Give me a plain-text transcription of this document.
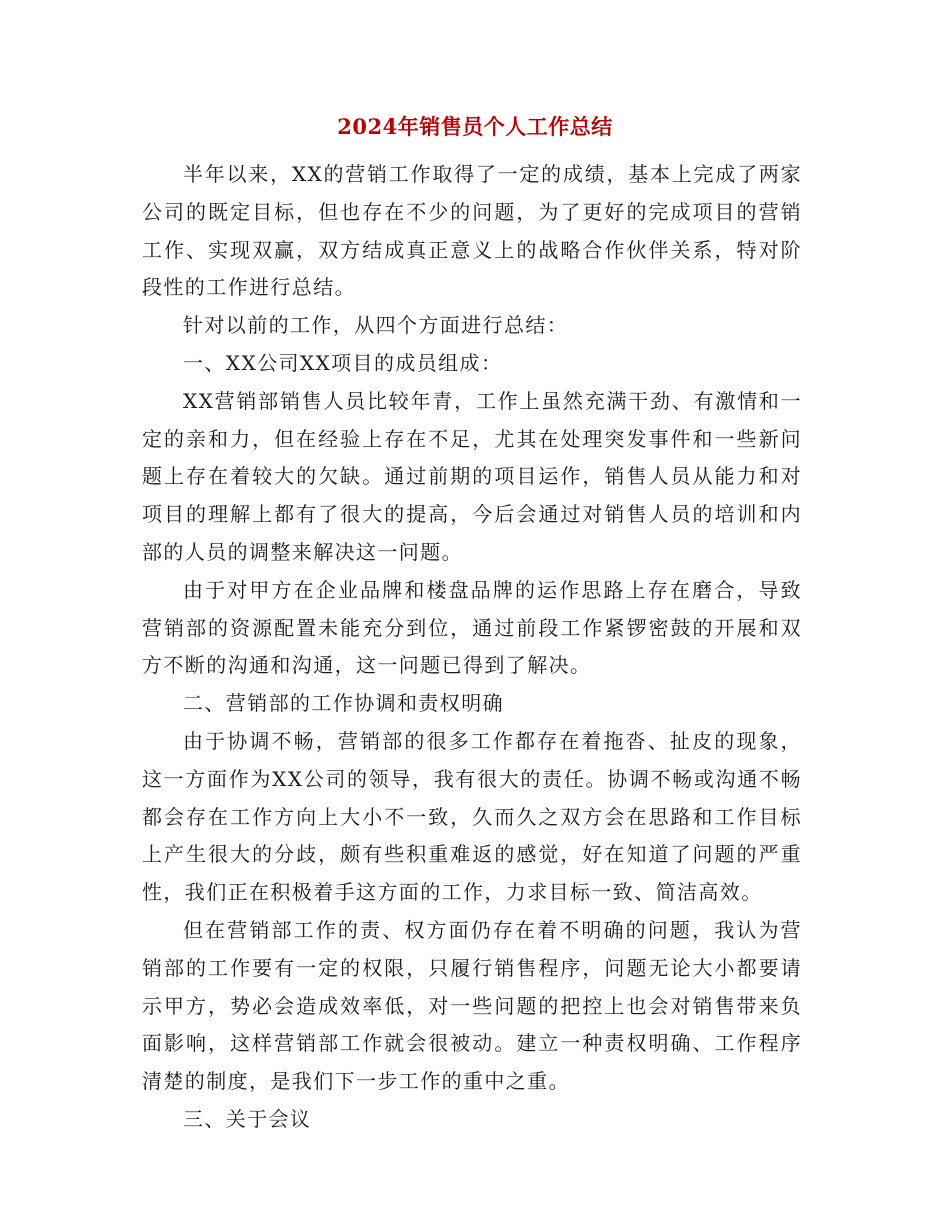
2024年销售员个人工作总结

半年以来，XX的营销工作取得了一定的成绩，基本上完成了两家公司的既定目标，但也存在不少的问题，为了更好的完成项目的营销工作、实现双赢，双方结成真正意义上的战略合作伙伴关系，特对阶段性的工作进行总结。

针对以前的工作，从四个方面进行总结：

一、XX公司XX项目的成员组成：

XX营销部销售人员比较年青，工作上虽然充满干劲、有激情和一定的亲和力，但在经验上存在不足，尤其在处理突发事件和一些新问题上存在着较大的欠缺。通过前期的项目运作，销售人员从能力和对项目的理解上都有了很大的提高，今后会通过对销售人员的培训和内部的人员的调整来解决这一问题。

由于对甲方在企业品牌和楼盘品牌的运作思路上存在磨合，导致营销部的资源配置未能充分到位，通过前段工作紧锣密鼓的开展和双方不断的沟通和沟通，这一问题已得到了解决。

二、营销部的工作协调和责权明确

由于协调不畅，营销部的很多工作都存在着拖沓、扯皮的现象，这一方面作为XX公司的领导，我有很大的责任。协调不畅或沟通不畅都会存在工作方向上大小不一致，久而久之双方会在思路和工作目标上产生很大的分歧，颇有些积重难返的感觉，好在知道了问题的严重性，我们正在积极着手这方面的工作，力求目标一致、简洁高效。

但在营销部工作的责、权方面仍存在着不明确的问题，我认为营销部的工作要有一定的权限，只履行销售程序，问题无论大小都要请示甲方，势必会造成效率低，对一些问题的把控上也会对销售带来负面影响，这样营销部工作就会很被动。建立一种责权明确、工作程序清楚的制度，是我们下一步工作的重中之重。

三、关于会议
